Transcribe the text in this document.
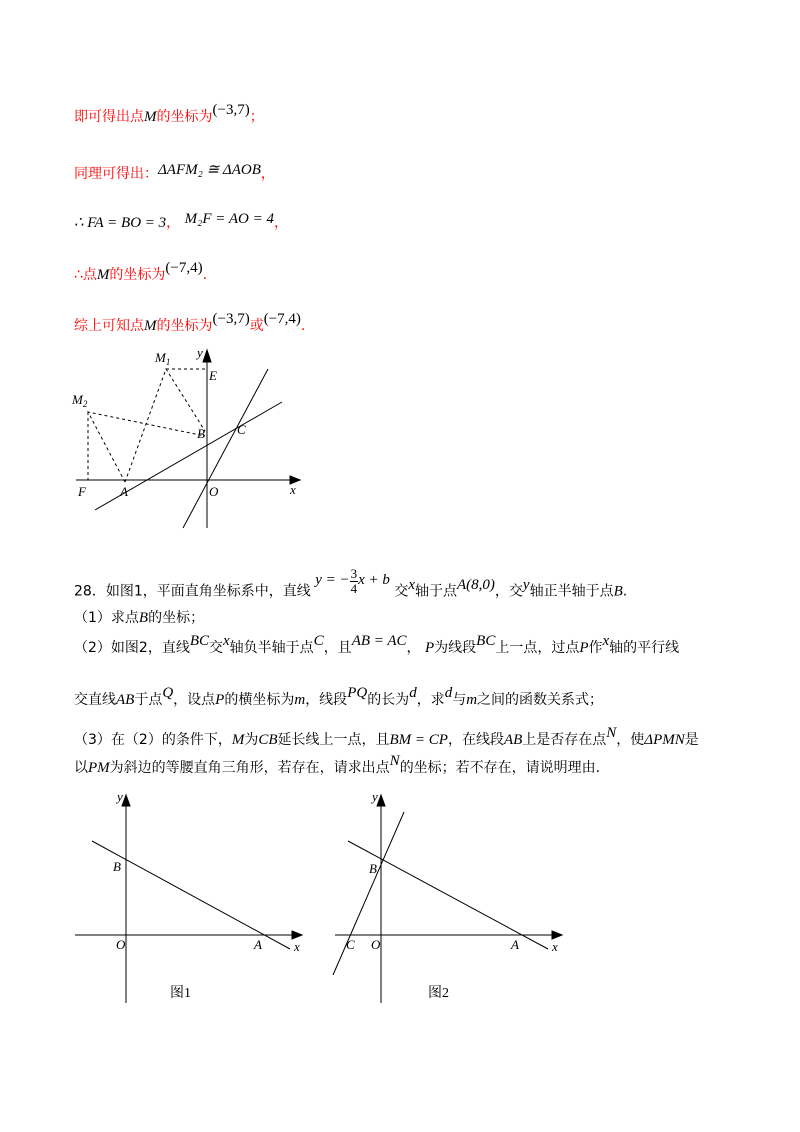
即可得出点M的坐标为(−3,7)；
同理可得出：ΔAFM₂ ≅ ΔAOB，
∴ FA = BO = 3， M₂F = AO = 4，
∴点M的坐标为(−7,4).
综上可知点M的坐标为(−3,7)或(−7,4).
$M_1$
y
E
$M_2$
C
B
F	A	O	x
y
B
O	A x
图1
y
B
C O	A	x
图2
28．如图1，平面直角坐标系中，直线 y = − $\frac{3}{4}$ x + b 交x轴于点A(8,0)，交y轴正半轴于点B.
（1）求点B的坐标；
（2）如图2，直线BC交x轴负半轴于点C，且AB = AC， P为线段BC上一点，过点P作x轴的平行线
交直线AB于点Q，设点P的横坐标为m，线段PQ的长为d，求d与m之间的函数关系式；
（3）在（2）的条件下，M为CB延长线上一点，且BM = CP，在线段AB上是否存在点N，使ΔPMN是
以PM为斜边的等腰直角三角形，若存在，请求出点N的坐标；若不存在，请说明理由.
